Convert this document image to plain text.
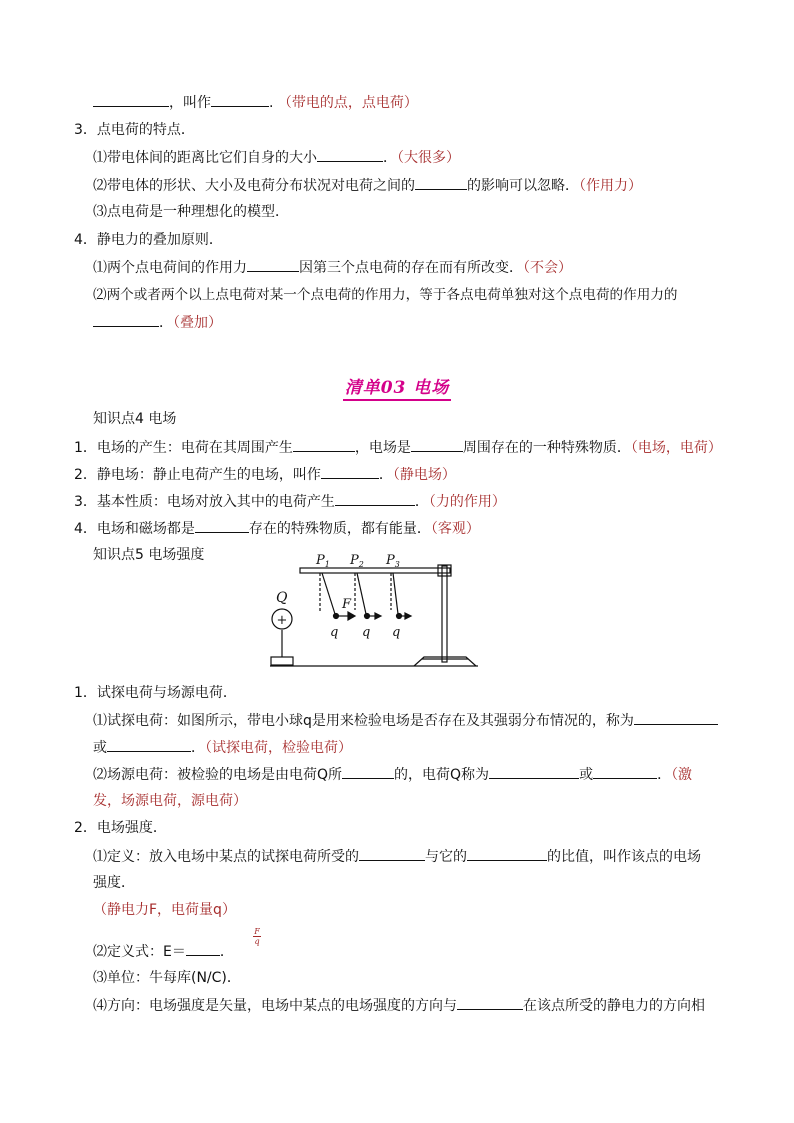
，叫作	. （带电的点，点电荷）
3．点电荷的特点．
⑴带电体间的距离比它们自身的大小	．（大很多）
⑵带电体的形状、大小及电荷分布状况对电荷之间的	的影响可以忽略．（作用力）
⑶点电荷是一种理想化的模型．
4．静电力的叠加原则．
⑴两个点电荷间的作用力	因第三个点电荷的存在而有所改变．（不会）
⑵两个或者两个以上点电荷对某一个点电荷的作用力，等于各点电荷单独对这个点电荷的作用力的
．（叠加）
清单03 电场
知识点4 电场
1．电场的产生：电荷在其周围产生	，电场是	周围存在的一种特殊物质．（电场，电荷）
2．静电场：静止电荷产生的电场，叫作	．（静电场）
3．基本性质：电场对放入其中的电荷产生	．（力的作用）
4．电场和磁场都是	存在的特殊物质，都有能量．（客观）
知识点5 电场强度
+
Q
$P_1$ $P_2$ $P_3$
F
q q q
1．试探电荷与场源电荷．
⑴试探电荷：如图所示，带电小球q是用来检验电场是否存在及其强弱分布情况的，称为
或	．（试探电荷，检验电荷）
⑵场源电荷：被检验的电场是由电荷Q所	的，电荷Q称为	或	．（激
发，场源电荷，源电荷）
2．电场强度．
⑴定义：放入电场中某点的试探电荷所受的	与它的	的比值，叫作该点的电场
强度．
（静电力F，电荷量q）
⑵定义式：E＝ ．
F
q
⑶单位：牛每库(N/C)．
⑷方向：电场强度是矢量，电场中某点的电场强度的方向与	在该点所受的静电力的方向相
